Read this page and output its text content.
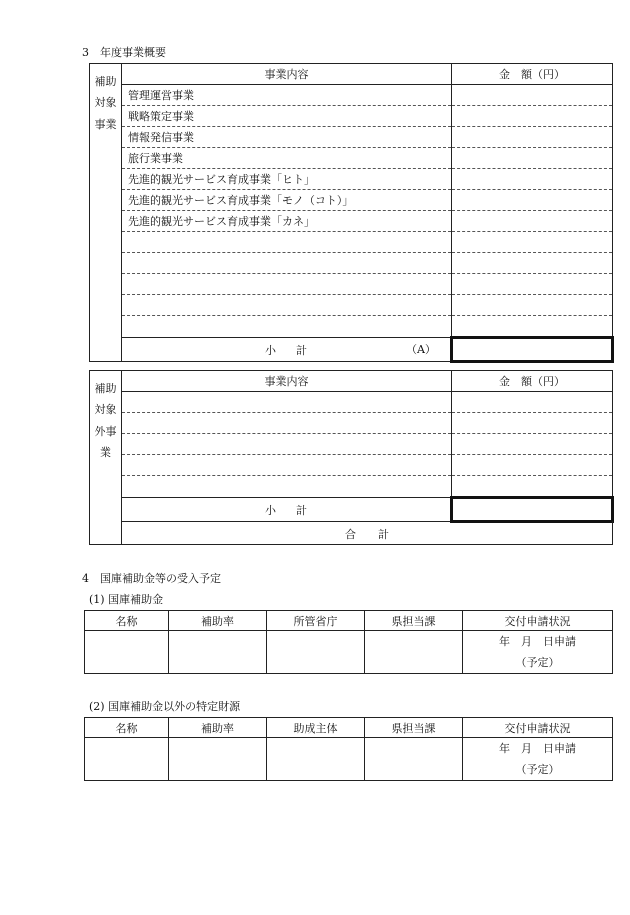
3　年度事業概要
補助対象事業	事業内容	金　額（円）
	管理運営事業	
	戦略策定事業	
	情報発信事業	
	旅行業事業	
	先進的観光サービス育成事業「ヒト」	
	先進的観光サービス育成事業「モノ（コト）」	
	先進的観光サービス育成事業「カネ」	

	小計 （A）	

補助対象外事業	事業内容	金　額（円）	

	小計		
	合　　計		
4　国庫補助金等の受入予定
(1) 国庫補助金
名称	補助率	所管省庁	県担当課	交付申請状況

				年　月　日申請
（予定）
(2) 国庫補助金以外の特定財源
名称	補助率	助成主体	県担当課	交付申請状況

				年　月　日申請
（予定）
